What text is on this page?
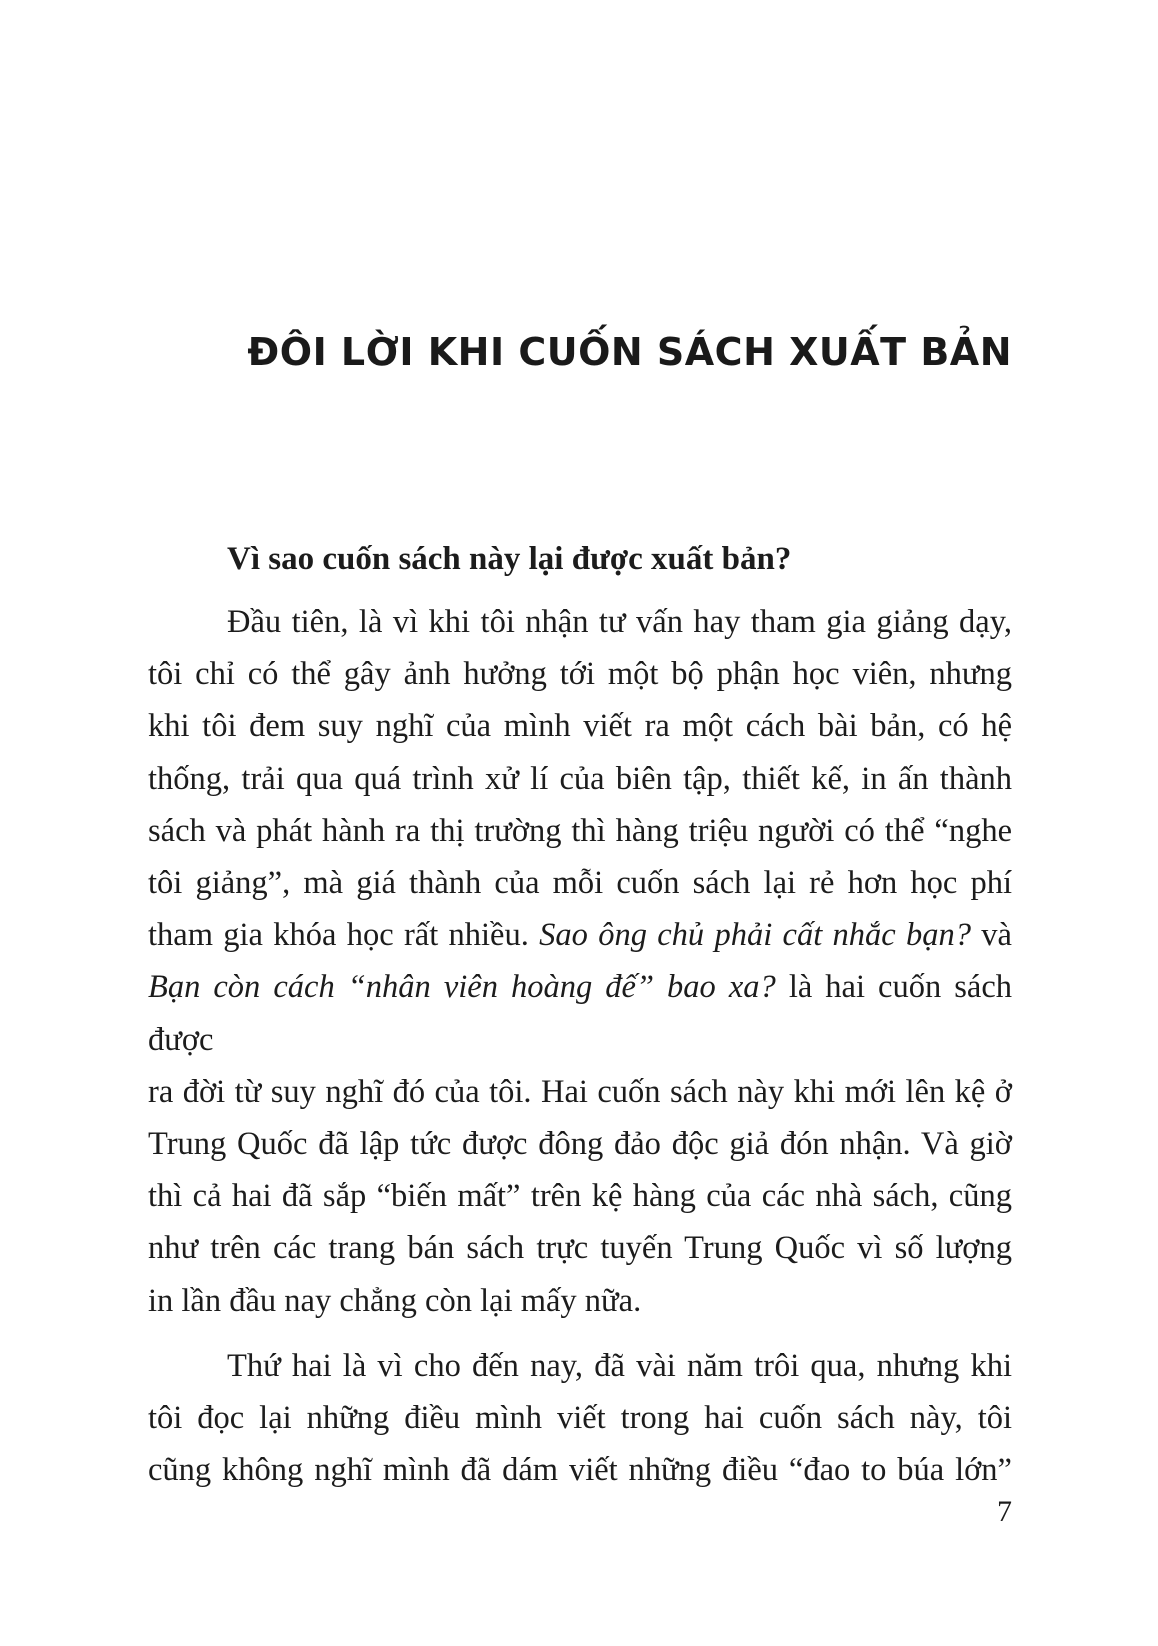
ĐÔI LỜI KHI CUỐN SÁCH XUẤT BẢN
Vì sao cuốn sách này lại được xuất bản?

Đầu tiên, là vì khi tôi nhận tư vấn hay tham gia giảng dạy,
tôi chỉ có thể gây ảnh hưởng tới một bộ phận học viên, nhưng
khi tôi đem suy nghĩ của mình viết ra một cách bài bản, có hệ
thống, trải qua quá trình xử lí của biên tập, thiết kế, in ấn thành
sách và phát hành ra thị trường thì hàng triệu người có thể “nghe
tôi giảng”, mà giá thành của mỗi cuốn sách lại rẻ hơn học phí
tham gia khóa học rất nhiều. Sao ông chủ phải cất nhắc bạn? và
Bạn còn cách “nhân viên hoàng đế” bao xa? là hai cuốn sách được
ra đời từ suy nghĩ đó của tôi. Hai cuốn sách này khi mới lên kệ ở
Trung Quốc đã lập tức được đông đảo độc giả đón nhận. Và giờ
thì cả hai đã sắp “biến mất” trên kệ hàng của các nhà sách, cũng
như trên các trang bán sách trực tuyến Trung Quốc vì số lượng
in lần đầu nay chẳng còn lại mấy nữa.

Thứ hai là vì cho đến nay, đã vài năm trôi qua, nhưng khi
tôi đọc lại những điều mình viết trong hai cuốn sách này, tôi
cũng không nghĩ mình đã dám viết những điều “đao to búa lớn”

7
